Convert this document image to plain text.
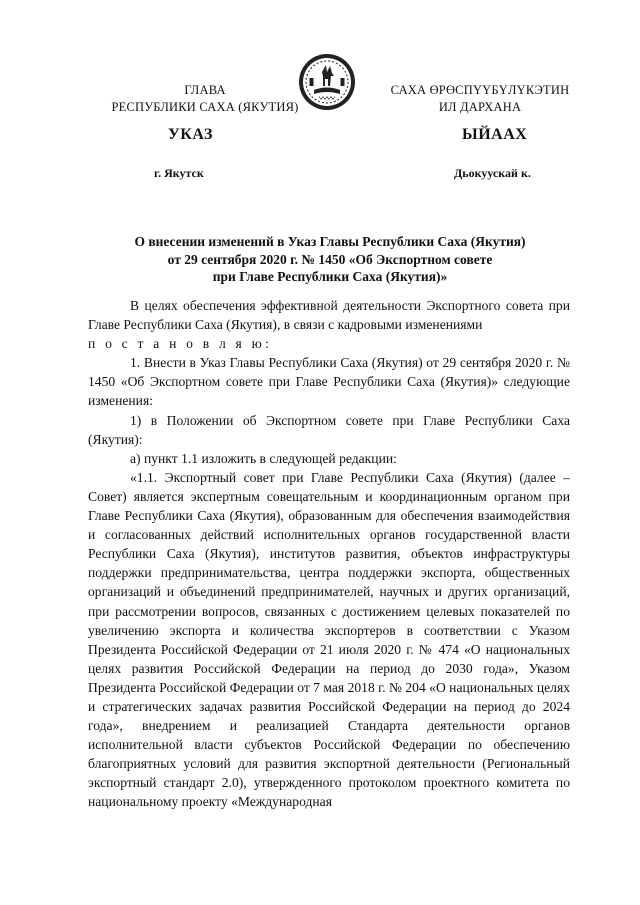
ГЛАВА
РЕСПУБЛИКИ САХА (ЯКУТИЯ)
САХА ӨРӨСПҮҮБҮЛҮКЭТИН
ИЛ ДАРХАНА
УКАЗ	ЫЙААХ
г. Якутск	Дьокуускай к.
О внесении изменений в Указ Главы Республики Саха (Якутия)
от 29 сентября 2020 г. № 1450 «Об Экспортном совете
при Главе Республики Саха (Якутия)»

В целях обеспечения эффективной деятельности Экспортного совета при Главе Республики Саха (Якутия), в связи с кадровыми изменениями

п о с т а н о в л я ю:

1. Внести в Указ Главы Республики Саха (Якутия) от 29 сентября 2020 г. № 1450 «Об Экспортном совете при Главе Республики Саха (Якутия)» следующие изменения:

1) в Положении об Экспортном совете при Главе Республики Саха (Якутия):

а) пункт 1.1 изложить в следующей редакции:

«1.1. Экспортный совет при Главе Республики Саха (Якутия) (далее – Совет) является экспертным совещательным и координационным органом при Главе Республики Саха (Якутия), образованным для обеспечения взаимодействия и согласованных действий исполнительных органов государственной власти Республики Саха (Якутия), институтов развития, объектов инфраструктуры поддержки предпринимательства, центра поддержки экспорта, общественных организаций и объединений предпринимателей, научных и других организаций, при рассмотрении вопросов, связанных с достижением целевых показателей по увеличению экспорта и количества экспортеров в соответствии с Указом Президента Российской Федерации от 21 июля 2020 г. № 474 «О национальных целях развития Российской Федерации на период до 2030 года», Указом Президента Российской Федерации от 7 мая 2018 г. № 204 «О национальных целях и стратегических задачах развития Российской Федерации на период до 2024 года», внедрением и реализацией Стандарта деятельности органов исполнительной власти субъектов Российской Федерации по обеспечению благоприятных условий для развития экспортной деятельности (Региональный экспортный стандарт 2.0), утвержденного протоколом проектного комитета по национальному проекту «Международная
